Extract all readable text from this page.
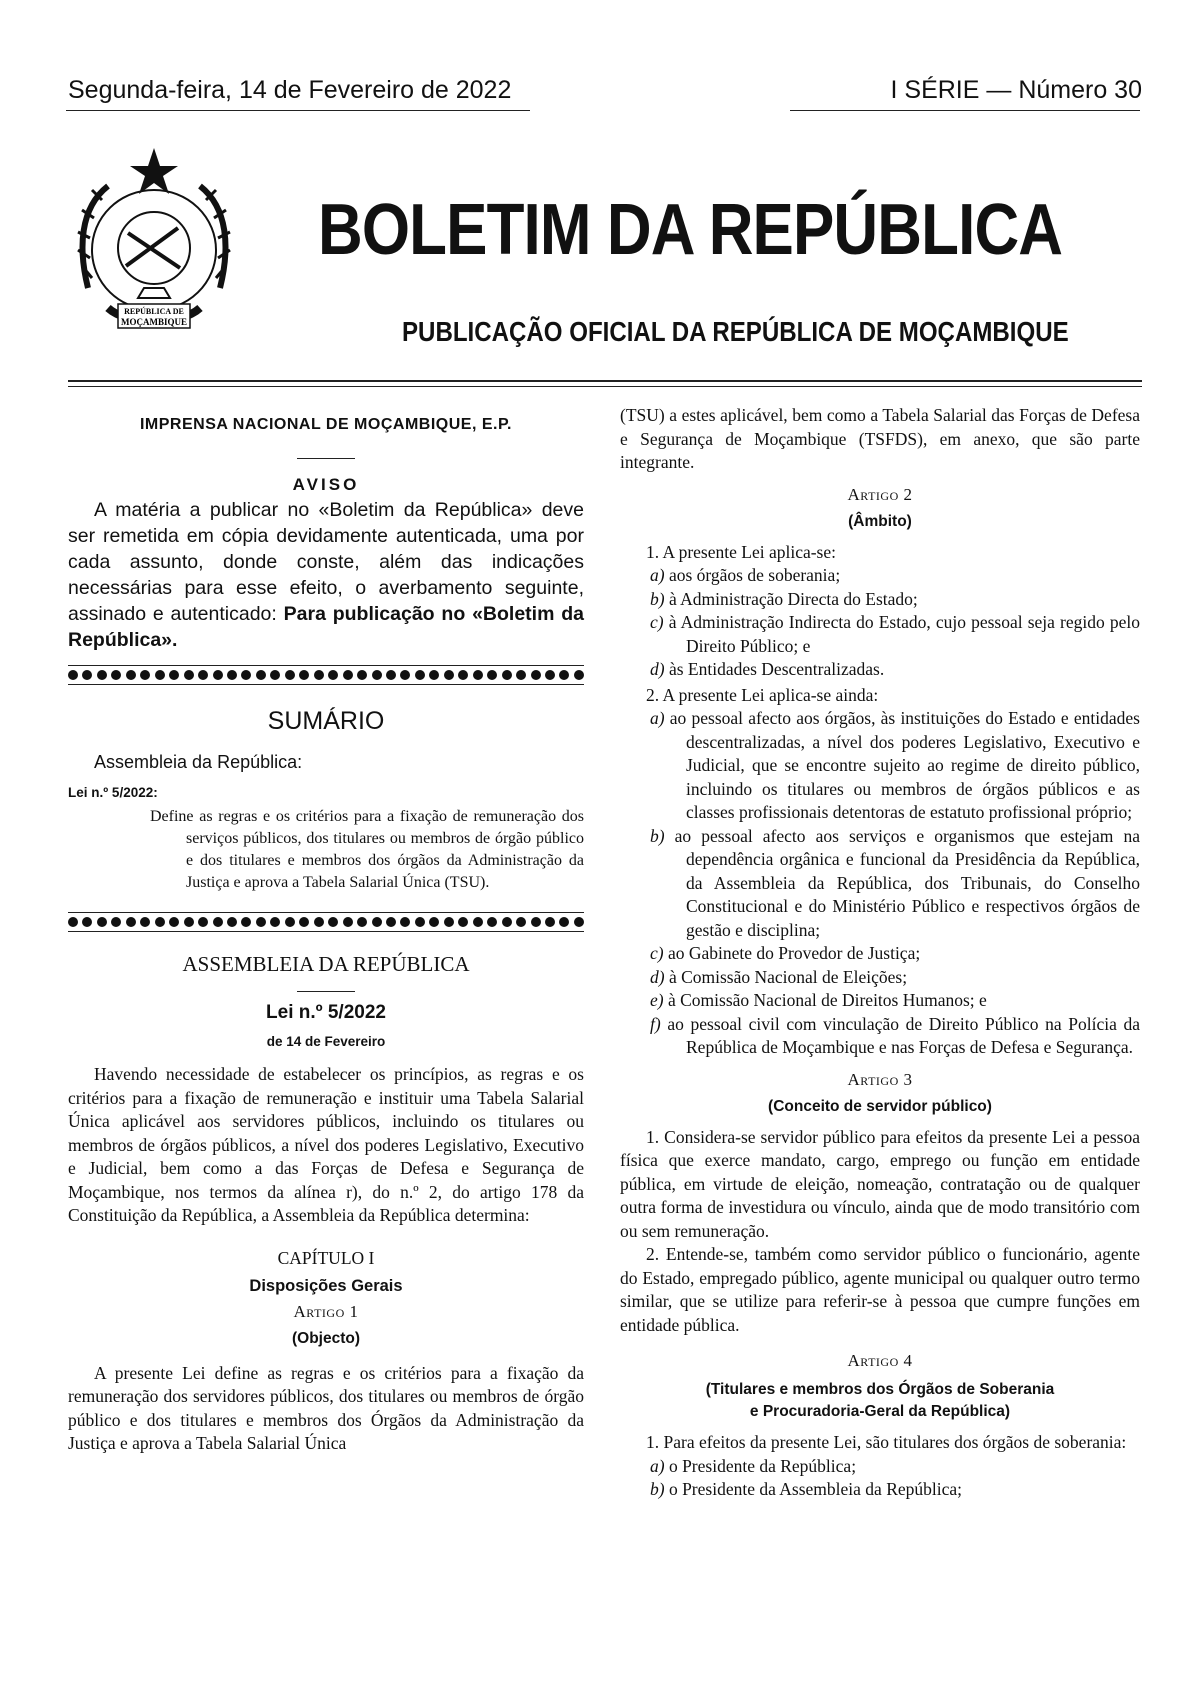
Segunda-feira, 14 de Fevereiro de 2022	I SÉRIE — Número 30
REPÚBLICA DE
MOÇAMBIQUE
BOLETIM DA REPÚBLICA
PUBLICAÇÃO OFICIAL DA REPÚBLICA DE MOÇAMBIQUE
IMPRENSA NACIONAL DE MOÇAMBIQUE, E.P.
AVISO

A matéria a publicar no «Boletim da República» deve ser remetida em cópia devidamente autenticada, uma por cada assunto, donde conste, além das indicações necessárias para esse efeito, o averbamento seguinte, assinado e autenticado: Para publicação no «Boletim da República».

SUMÁRIO
Assembleia da República:
Lei n.º 5/2022:

Define as regras e os critérios para a fixação de remuneração dos serviços públicos, dos titulares ou membros de órgão público e dos titulares e membros dos órgãos da Administração da Justiça e aprova a Tabela Salarial Única (TSU).

ASSEMBLEIA DA REPÚBLICA
Lei n.º 5/2022
de 14 de Fevereiro

Havendo necessidade de estabelecer os princípios, as regras e os critérios para a fixação de remuneração e instituir uma Tabela Salarial Única aplicável aos servidores públicos, incluindo os titulares ou membros de órgãos públicos, a nível dos poderes Legislativo, Executivo e Judicial, bem como a das Forças de Defesa e Segurança de Moçambique, nos termos da alínea r), do n.º 2, do artigo 178 da Constituição da República, a Assembleia da República determina:

CAPÍTULO I
Disposições Gerais
Artigo 1
(Objecto)

A presente Lei define as regras e os critérios para a fixação da remuneração dos servidores públicos, dos titulares ou membros de órgão público e dos titulares e membros dos Órgãos da Administração da Justiça e aprova a Tabela Salarial Única

(TSU) a estes aplicável, bem como a Tabela Salarial das Forças de Defesa e Segurança de Moçambique (TSFDS), em anexo, que são parte integrante.

Artigo 2
(Âmbito)

1. A presente Lei aplica-se:

a) aos órgãos de soberania;

b) à Administração Directa do Estado;

c) à Administração Indirecta do Estado, cujo pessoal seja regido pelo Direito Público; e

d) às Entidades Descentralizadas.

2. A presente Lei aplica-se ainda:

a) ao pessoal afecto aos órgãos, às instituições do Estado e entidades descentralizadas, a nível dos poderes Legislativo, Executivo e Judicial, que se encontre sujeito ao regime de direito público, incluindo os titulares ou membros de órgãos públicos e as classes profissionais detentoras de estatuto profissional próprio;

b) ao pessoal afecto aos serviços e organismos que estejam na dependência orgânica e funcional da Presidência da República, da Assembleia da República, dos Tribunais, do Conselho Constitucional e do Ministério Público e respectivos órgãos de gestão e disciplina;

c) ao Gabinete do Provedor de Justiça;

d) à Comissão Nacional de Eleições;

e) à Comissão Nacional de Direitos Humanos; e

f) ao pessoal civil com vinculação de Direito Público na Polícia da República de Moçambique e nas Forças de Defesa e Segurança.

Artigo 3
(Conceito de servidor público)

1. Considera-se servidor público para efeitos da presente Lei a pessoa física que exerce mandato, cargo, emprego ou função em entidade pública, em virtude de eleição, nomeação, contratação ou de qualquer outra forma de investidura ou vínculo, ainda que de modo transitório com ou sem remuneração.

2. Entende-se, também como servidor público o funcionário, agente do Estado, empregado público, agente municipal ou qualquer outro termo similar, que se utilize para referir-se à pessoa que cumpre funções em entidade pública.

Artigo 4
(Titulares e membros dos Órgãos de Soberania
e Procuradoria-Geral da República)

1. Para efeitos da presente Lei, são titulares dos órgãos de soberania:

a) o Presidente da República;

b) o Presidente da Assembleia da República;
